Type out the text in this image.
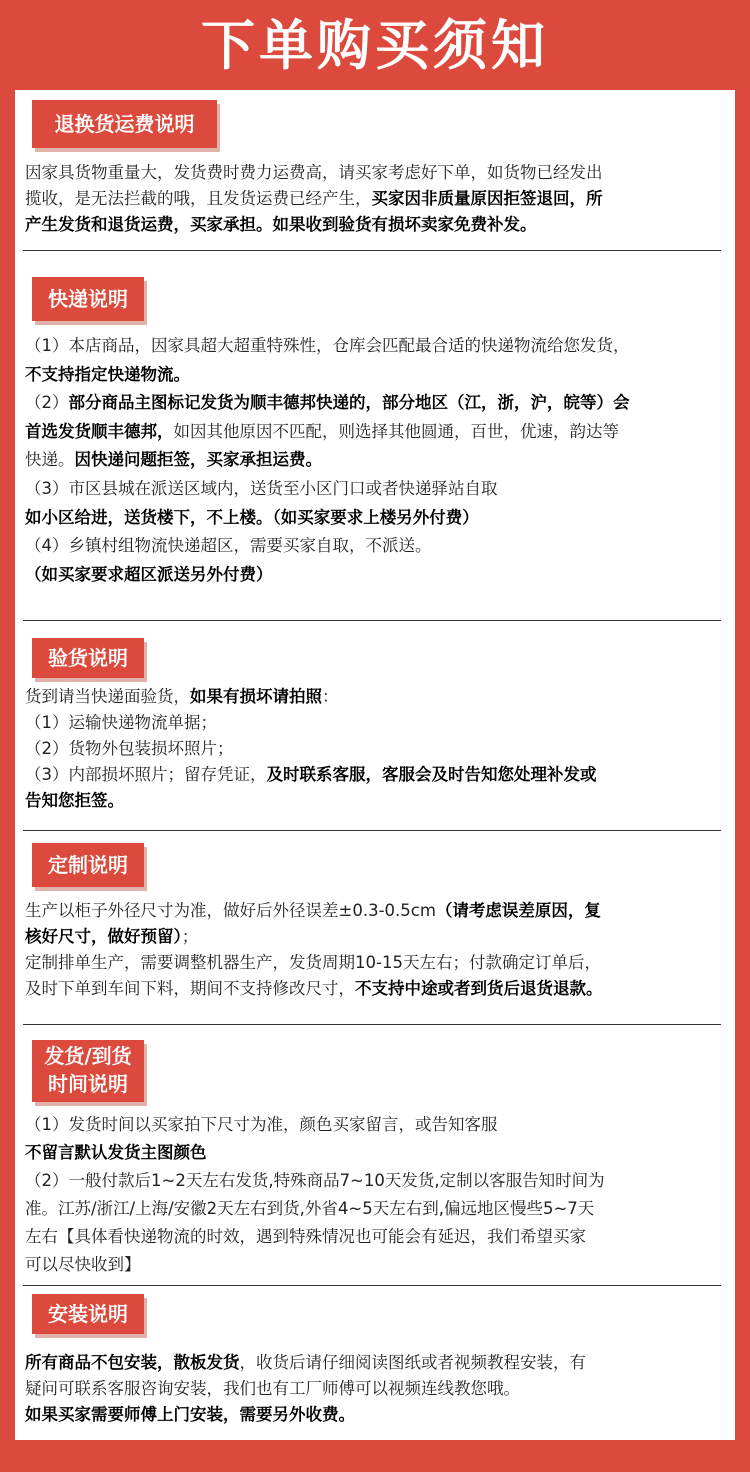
下单购买须知
退换货运费说明

因家具货物重量大，发货费时费力运费高，请买家考虑好下单，如货物已经发出

揽收，是无法拦截的哦，且发货运费已经产生，买家因非质量原因拒签退回，所

产生发货和退货运费，买家承担。如果收到验货有损坏卖家免费补发。

快递说明

（1）本店商品，因家具超大超重特殊性，仓库会匹配最合适的快递物流给您发货，

不支持指定快递物流。

（2）部分商品主图标记发货为顺丰德邦快递的，部分地区（江，浙，沪，皖等）会

首选发货顺丰德邦，如因其他原因不匹配，则选择其他圆通，百世，优速，韵达等

快递。因快递问题拒签，买家承担运费。

（3）市区县城在派送区域内，送货至小区门口或者快递驿站自取

如小区给进，送货楼下，不上楼。（如买家要求上楼另外付费）

（4）乡镇村组物流快递超区，需要买家自取，不派送。

（如买家要求超区派送另外付费）

验货说明

货到请当快递面验货，如果有损坏请拍照：

（1）运输快递物流单据；

（2）货物外包装损坏照片；

（3）内部损坏照片；留存凭证，及时联系客服，客服会及时告知您处理补发或

告知您拒签。

定制说明

生产以柜子外径尺寸为准，做好后外径误差±0.3-0.5cm（请考虑误差原因，复

核好尺寸，做好预留）；

定制排单生产，需要调整机器生产，发货周期10-15天左右；付款确定订单后，

及时下单到车间下料，期间不支持修改尺寸，不支持中途或者到货后退货退款。

发货/到货
时间说明

（1）发货时间以买家拍下尺寸为准，颜色买家留言，或告知客服

不留言默认发货主图颜色

（2）一般付款后1~2天左右发货,特殊商品7~10天发货,定制以客服告知时间为

准。江苏/浙江/上海/安徽2天左右到货,外省4~5天左右到,偏远地区慢些5~7天

左右【具体看快递物流的时效，遇到特殊情况也可能会有延迟，我们希望买家

可以尽快收到】

安装说明

所有商品不包安装，散板发货，收货后请仔细阅读图纸或者视频教程安装，有

疑问可联系客服咨询安装，我们也有工厂师傅可以视频连线教您哦。

如果买家需要师傅上门安装，需要另外收费。
